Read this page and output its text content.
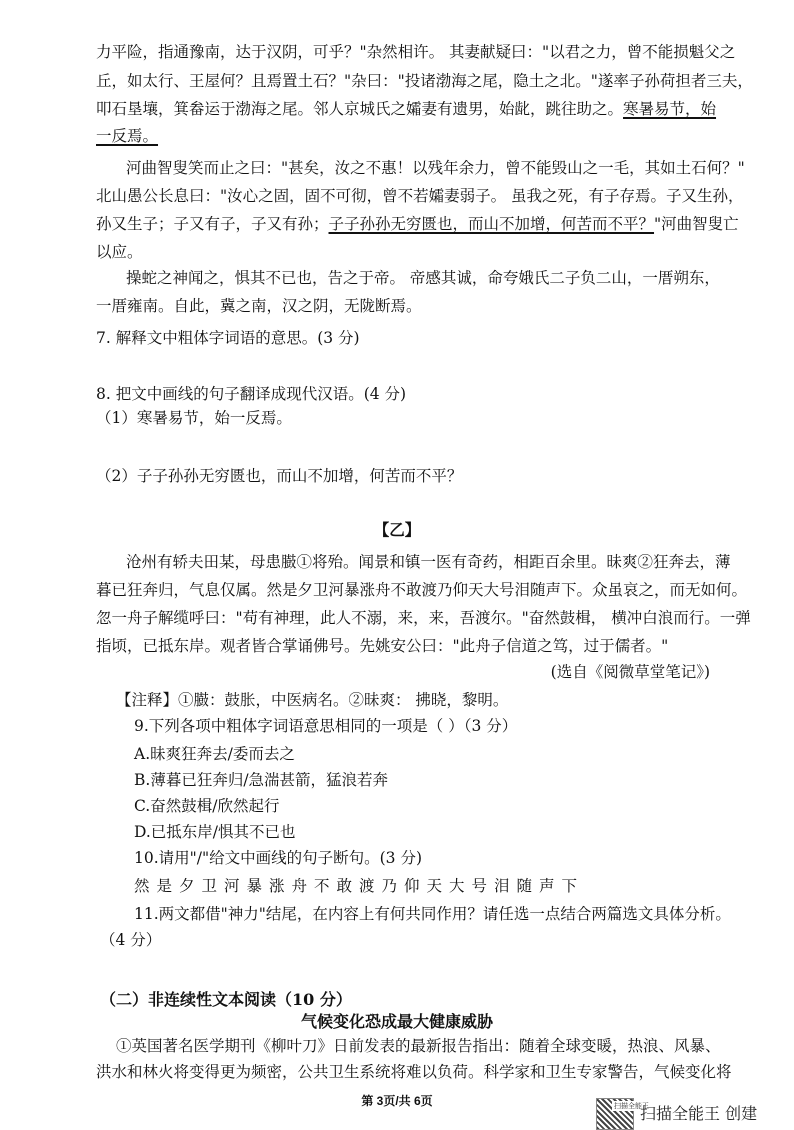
力平险，指通豫南，达于汉阴，可乎？"杂然相许。 其妻献疑曰："以君之力，曾不能损魁父之
丘，如太行、王屋何？且焉置土石？"杂曰："投诸渤海之尾，隐土之北。"遂率子孙荷担者三夫，
叩石垦壤，箕畚运于渤海之尾。邻人京城氏之孀妻有遗男，始龀，跳往助之。寒暑易节，始
一反焉。
河曲智叟笑而止之曰："甚矣，汝之不惠！以残年余力，曾不能毁山之一毛，其如土石何？"
北山愚公长息曰："汝心之固，固不可彻，曾不若孀妻弱子。 虽我之死，有子存焉。子又生孙，
孙又生子；子又有子，子又有孙；子子孙孙无穷匮也，而山不加增，何苦而不平？"河曲智叟亡
以应。
操蛇之神闻之，惧其不已也，告之于帝。 帝感其诚，命夸娥氏二子负二山，一厝朔东，
一厝雍南。自此，冀之南，汉之阴，无陇断焉。
7. 解释文中粗体字词语的意思。(3 分)
8. 把文中画线的句子翻译成现代汉语。(4 分)
（1）寒暑易节，始一反焉。
（2）子子孙孙无穷匮也，而山不加增，何苦而不平？
【乙】
沧州有轿夫田某，母患臌①将殆。闻景和镇一医有奇药，相距百余里。昧爽②狂奔去，薄
暮已狂奔归，气息仅属。然是夕卫河暴涨舟不敢渡乃仰天大号泪随声下。众虽哀之，而无如何。
忽一舟子解缆呼曰："苟有神理，此人不溺，来，来，吾渡尔。"奋然鼓楫， 横冲白浪而行。一弹
指顷，已抵东岸。观者皆合掌诵佛号。先姚安公曰："此舟子信道之笃，过于儒者。"
(选自《阅微草堂笔记》)
【注释】①臌：鼓胀，中医病名。②昧爽： 拂晓，黎明。
9.下列各项中粗体字词语意思相同的一项是（ ）（3 分）
A.昧爽狂奔去/委而去之
B.薄暮已狂奔归/急湍甚箭，猛浪若奔
C.奋然鼓楫/欣然起行
D.已抵东岸/惧其不已也
10.请用"/"给文中画线的句子断句。(3 分)
然是夕卫河暴涨舟不敢渡乃仰天大号泪随声下
11.两文都借"神力"结尾，在内容上有何共同作用？请任选一点结合两篇选文具体分析。
（4 分）
（二）非连续性文本阅读（10 分）
气候变化恐成最大健康威胁
①英国著名医学期刊《柳叶刀》日前发表的最新报告指出：随着全球变暖，热浪、风暴、
洪水和林火将变得更为频密，公共卫生系统将难以负荷。科学家和卫生专家警告，气候变化将
第 3页/共 6页	扫描全能王
扫描全能王 创建
